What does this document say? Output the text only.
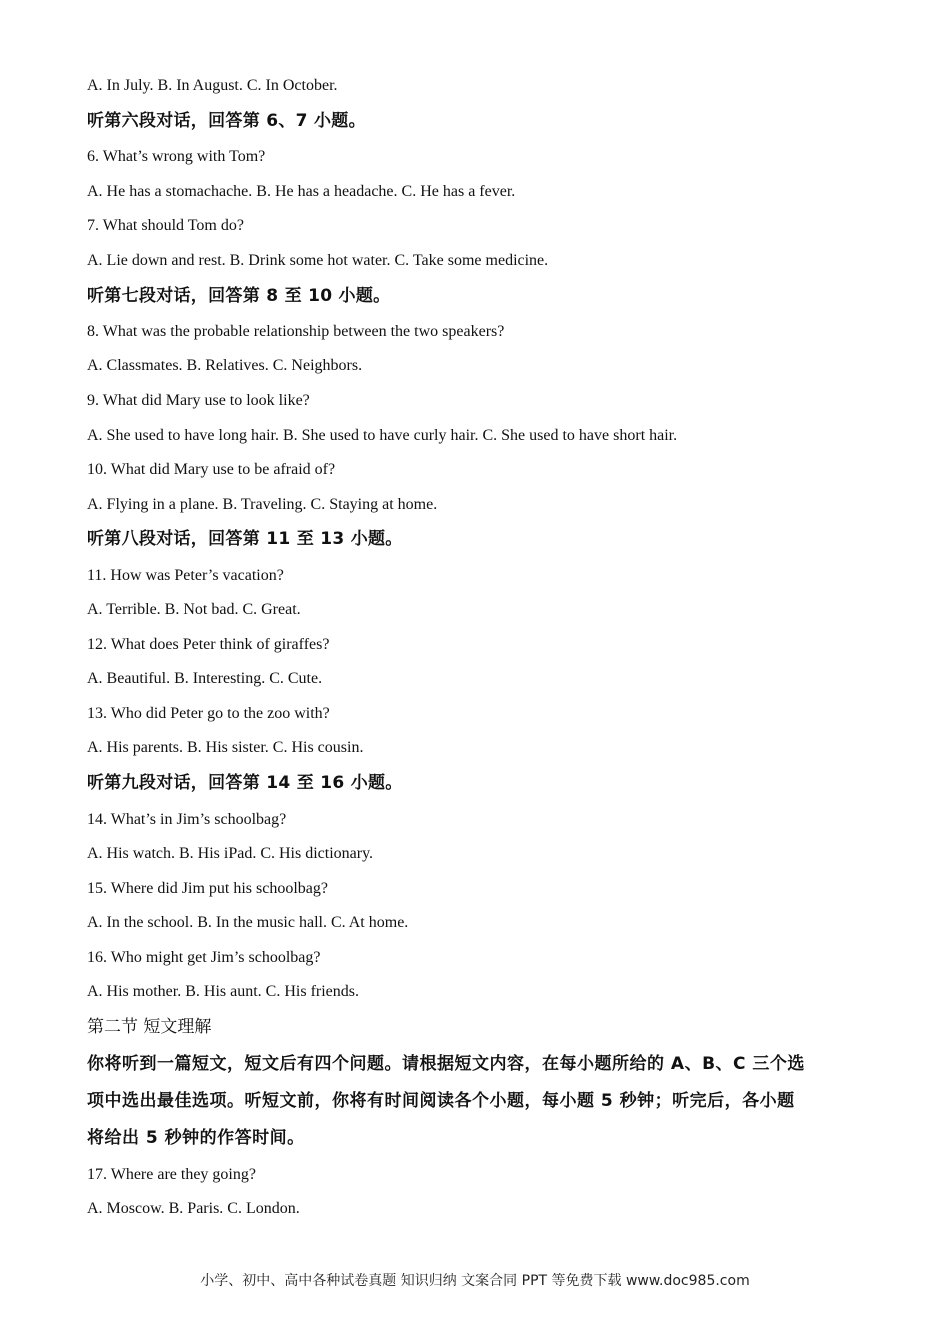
A. In July. B. In August. C. In October.
听第六段对话，回答第 6、7 小题。
6. What’s wrong with Tom?
A. He has a stomachache. B. He has a headache. C. He has a fever.
7. What should Tom do?
A. Lie down and rest. B. Drink some hot water. C. Take some medicine.
听第七段对话，回答第 8 至 10 小题。
8. What was the probable relationship between the two speakers?
A. Classmates. B. Relatives. C. Neighbors.
9. What did Mary use to look like?
A. She used to have long hair. B. She used to have curly hair. C. She used to have short hair.
10. What did Mary use to be afraid of?
A. Flying in a plane. B. Traveling. C. Staying at home.
听第八段对话，回答第 11 至 13 小题。
11. How was Peter’s vacation?
A. Terrible. B. Not bad. C. Great.
12. What does Peter think of giraffes?
A. Beautiful. B. Interesting. C. Cute.
13. Who did Peter go to the zoo with?
A. His parents. B. His sister. C. His cousin.
听第九段对话，回答第 14 至 16 小题。
14. What’s in Jim’s schoolbag?
A. His watch. B. His iPad. C. His dictionary.
15. Where did Jim put his schoolbag?
A. In the school. B. In the music hall. C. At home.
16. Who might get Jim’s schoolbag?
A. His mother. B. His aunt. C. His friends.
第二节 短文理解
你将听到一篇短文，短文后有四个问题。请根据短文内容，在每小题所给的 A、B、C 三个选
项中选出最佳选项。听短文前，你将有时间阅读各个小题，每小题 5 秒钟；听完后，各小题
将给出 5 秒钟的作答时间。
17. Where are they going?
A. Moscow. B. Paris. C. London.
小学、初中、高中各种试卷真题 知识归纳 文案合同 PPT 等免费下载 www.doc985.com
